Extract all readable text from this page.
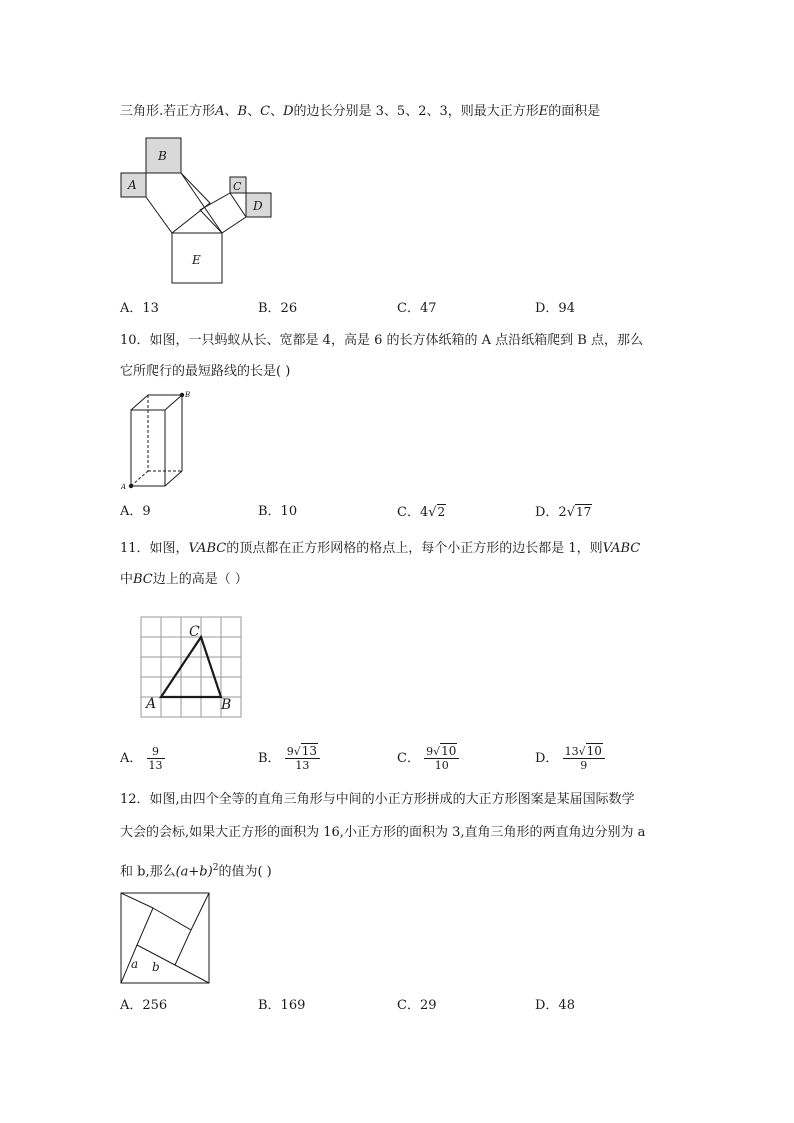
三角形.若正方形A、B、C、D的边长分别是 3、5、2、3，则最大正方形E的面积是
B
A	C
D
E
A．13	B．26	C．47	D．94
10．如图，一只蚂蚁从长、宽都是 4，高是 6 的长方体纸箱的 A 点沿纸箱爬到 B 点，那么
它所爬行的最短路线的长是( )
B
A
A．9	B．10	C．4√2	D．2√17
11．如图，VABC的顶点都在正方形网格的格点上，每个小正方形的边长都是 1，则VABC
中BC边上的高是（ ）
A	B
C
A． $\frac{9}{13}$	B． $\frac{9√13}{13}$	C． $\frac{9√10}{10}$	D． $\frac{13√10}{9}$
12．如图,由四个全等的直角三角形与中间的小正方形拼成的大正方形图案是某届国际数学
大会的会标,如果大正方形的面积为 16,小正方形的面积为 3,直角三角形的两直角边分别为 a
和 b,那么$(a+b)^2$的值为( )
a b
A．256	B．169	C．29	D．48
